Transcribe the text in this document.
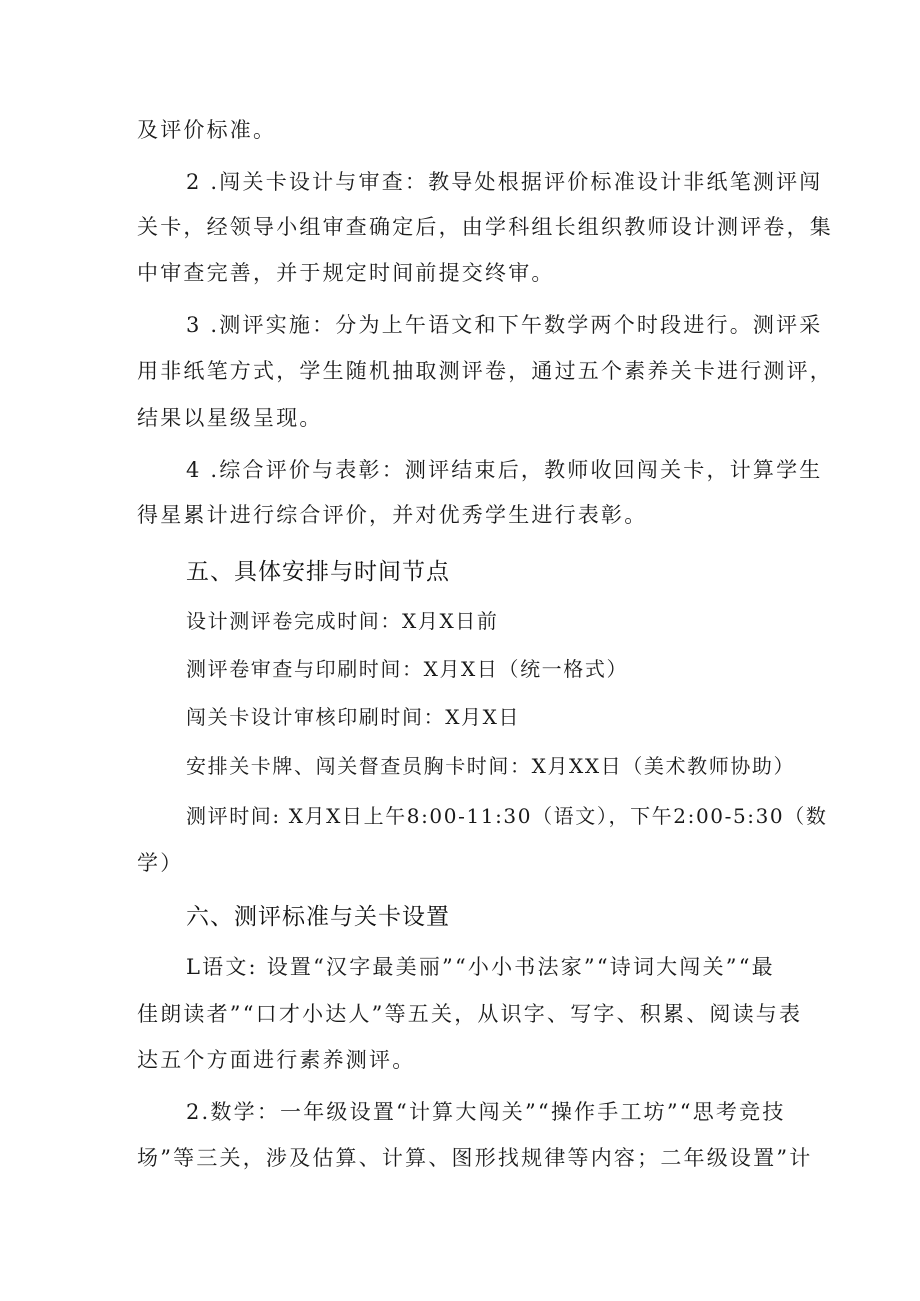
及评价标准。
2 .闯关卡设计与审查：教导处根据评价标准设计非纸笔测评闯
关卡，经领导小组审查确定后，由学科组长组织教师设计测评卷，集
中审查完善，并于规定时间前提交终审。
3 .测评实施：分为上午语文和下午数学两个时段进行。测评采
用非纸笔方式，学生随机抽取测评卷，通过五个素养关卡进行测评，
结果以星级呈现。
4 .综合评价与表彰：测评结束后，教师收回闯关卡，计算学生
得星累计进行综合评价，并对优秀学生进行表彰。
五、具体安排与时间节点
设计测评卷完成时间：X月X日前
测评卷审查与印刷时间：X月X日（统一格式）
闯关卡设计审核印刷时间：X月X日
安排关卡牌、闯关督查员胸卡时间：X月XX日（美术教师协助）
测评时间: X月X日上午8:00-11:30（语文），下午2:00-5:30（数
学）
六、测评标准与关卡设置
L语文: 设置“汉字最美丽”“小小书法家”“诗词大闯关”“最
佳朗读者”“口才小达人”等五关，从识字、写字、积累、阅读与表
达五个方面进行素养测评。
2.数学：一年级设置“计算大闯关”“操作手工坊”“思考竞技
场”等三关，涉及估算、计算、图形找规律等内容；二年级设置”计
